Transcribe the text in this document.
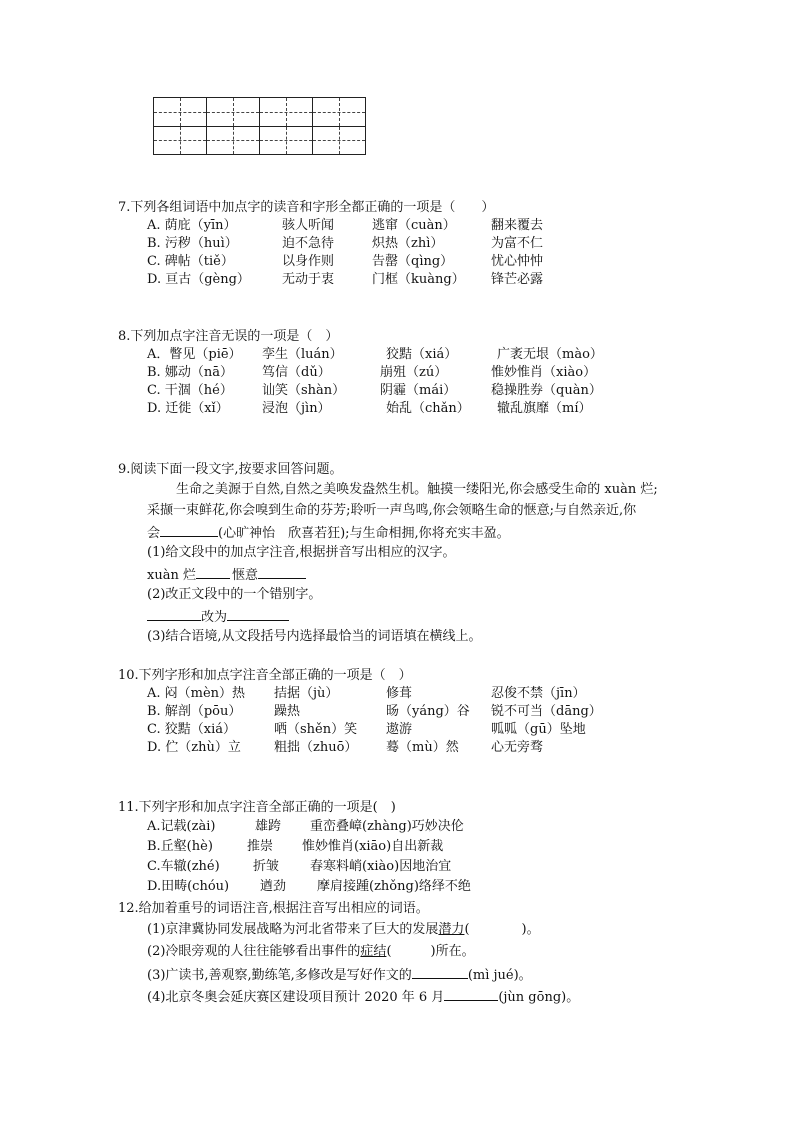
7.下列各组词语中加点字的读音和字形全都正确的一项是（　　）
A. 荫庇（yīn）	骇人听闻	逃窜（cuàn）	翻来覆去
B. 污秽（huì）	迫不急待	炽热（zhì）	为富不仁
C. 碑帖（tiě）	以身作则	告罄（qìng）	忧心忡忡
D. 亘古（gèng） 无动于衷	门框（kuàng） 锋芒必露
8.下列加点字注音无误的一项是（　）
A．瞥见（piē） 孪生（luán）	狡黠（xiá）	广袤无垠（mào）
B. 娜动（nā） 笃信（dǔ）	崩殂（zú）	惟妙惟肖（xiào）
C. 干涸（hé） 讪笑（shàn）	阴霾（mái）	稳操胜券（quàn）
D. 迁徙（xǐ）	浸泡（jìn）	始乱（chǎn） 辙乱旗靡（mí）
9.阅读下面一段文字,按要求回答问题。
生命之美源于自然,自然之美唤发盎然生机。触摸一缕阳光,你会感受生命的 xuàn 烂;
采撷一束鲜花,你会嗅到生命的芬芳;聆听一声鸟鸣,你会领略生命的惬意;与自然亲近,你
会	(心旷神怡　欣喜若狂);与生命相拥,你将充实丰盈。
(1)给文段中的加点字注音,根据拼音写出相应的汉字。
xuàn 烂	惬意
(2)改正文段中的一个错别字。
改为
(3)结合语境,从文段括号内选择最恰当的词语填在横线上。
10.下列字形和加点字注音全部正确的一项是（　）
A. 闷（mèn）热 拮据（jù）	修葺	忍俊不禁（jīn）
B. 解剖（pōu）	躁热	旸（yáng）谷 锐不可当（dāng）
C. 狡黠（xiá）	哂（shěn）笑 遨游	呱呱（gū）坠地
D. 伫（zhù）立	粗拙（zhuō） 蓦（mù）然 心无旁骛
11.下列字形和加点字注音全部正确的一项是(　)
A.记载(zài)	雄跨 重峦叠嶂(zhàng)巧妙决伦
B.丘壑(hè)	推崇 惟妙惟肖(xiāo)自出新裁
C.车辙(zhé)	折皱 春寒料峭(xiào)因地治宜
D.田畴(chóu) 遒劲 摩肩接踵(zhǒng)络绎不绝
12.给加着重号的词语注音,根据注音写出相应的词语。
(1)京津冀协同发展战略为河北省带来了巨大的发展潜力(　　　　)。
(2)冷眼旁观的人往往能够看出事件的症结(　　　)所在。
(3)广读书,善观察,勤练笔,多修改是写好作文的	(mì jué)。
(4)北京冬奥会延庆赛区建设项目预计 2020 年 6 月	(jùn gōng)。
